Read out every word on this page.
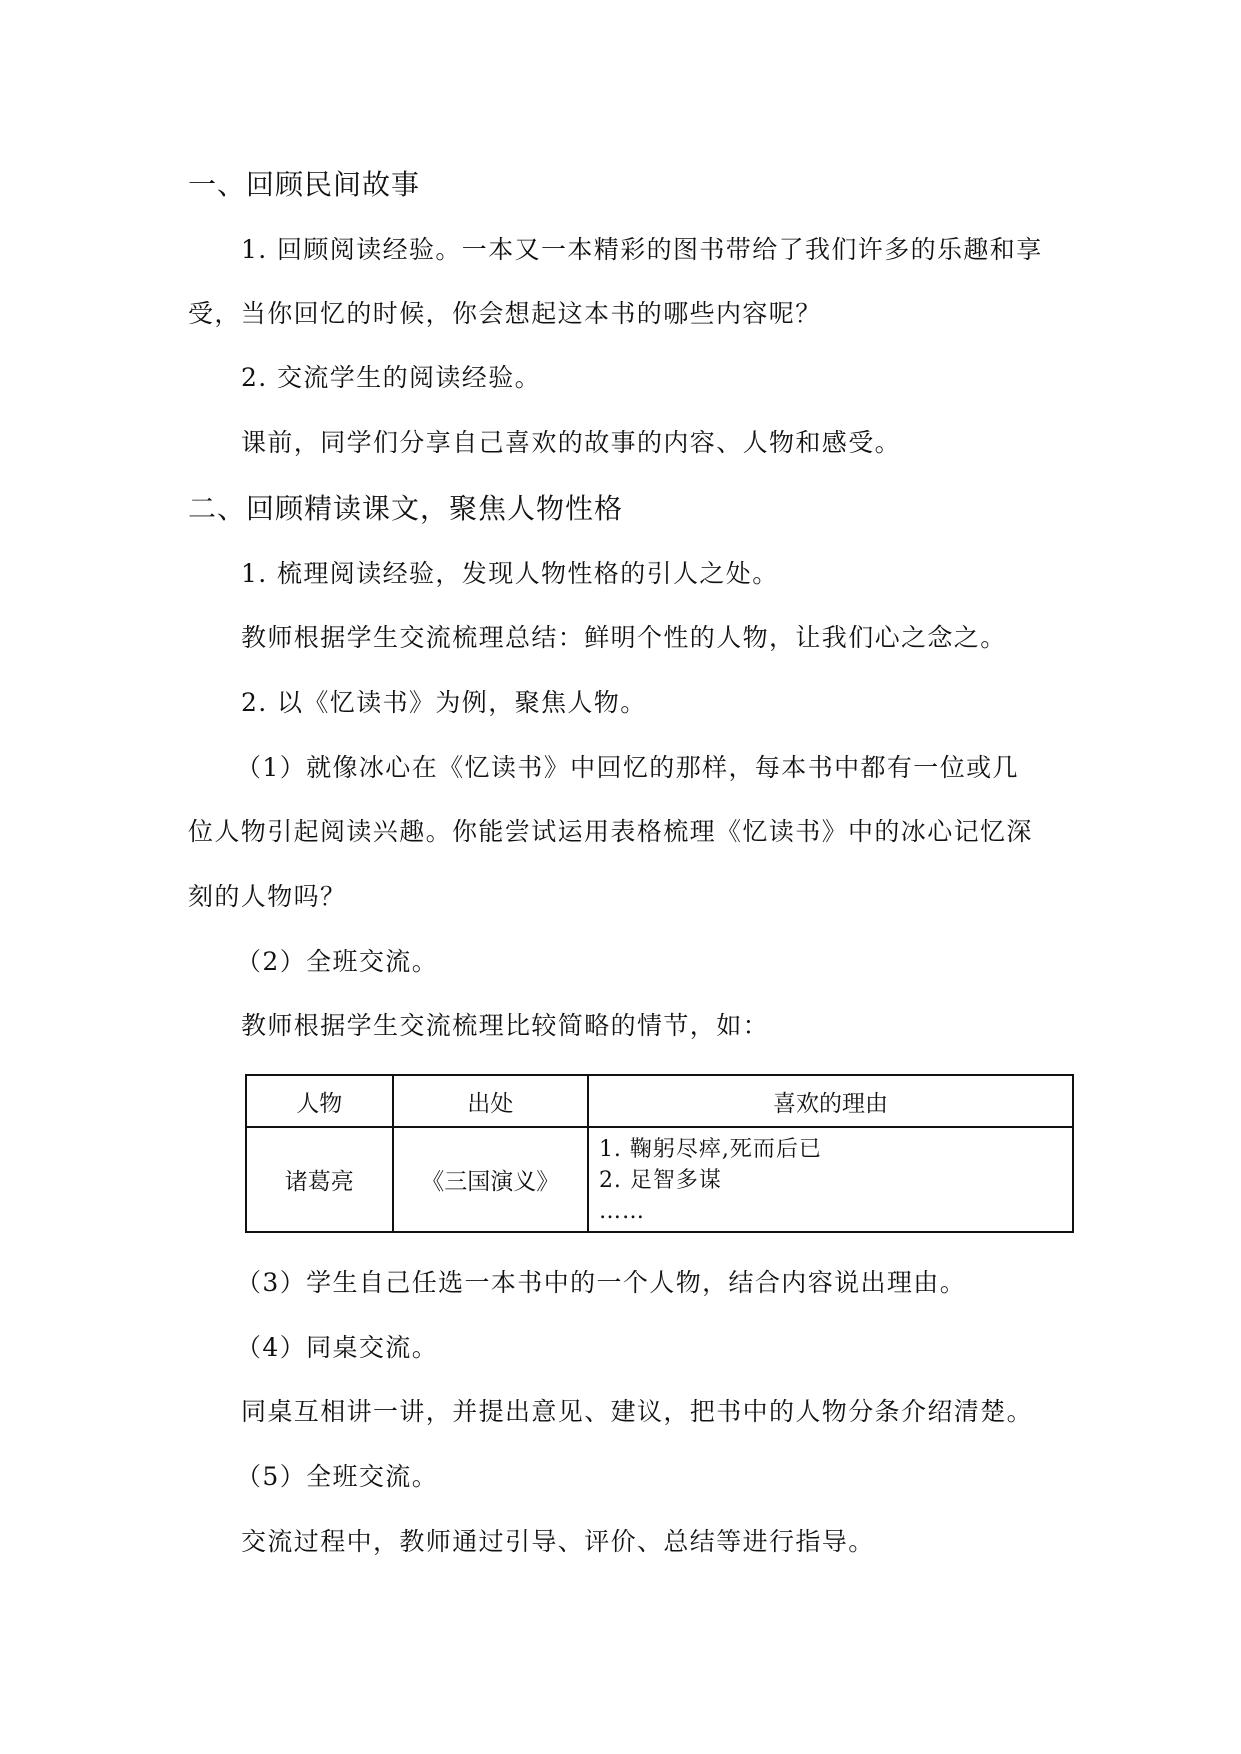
一、回顾民间故事
1. 回顾阅读经验。一本又一本精彩的图书带给了我们许多的乐趣和享
受，当你回忆的时候，你会想起这本书的哪些内容呢？
2. 交流学生的阅读经验。
课前，同学们分享自己喜欢的故事的内容、人物和感受。
二、回顾精读课文，聚焦人物性格
1. 梳理阅读经验，发现人物性格的引人之处。
教师根据学生交流梳理总结：鲜明个性的人物，让我们心之念之。
2. 以《忆读书》为例，聚焦人物。
（1）就像冰心在《忆读书》中回忆的那样，每本书中都有一位或几
位人物引起阅读兴趣。你能尝试运用表格梳理《忆读书》中的冰心记忆深
刻的人物吗？
（2）全班交流。
教师根据学生交流梳理比较简略的情节，如：
人物	出处	喜欢的理由
诸葛亮	《三国演义》	1. 鞠躬尽瘁,死而后已
2. 足智多谋
……
（3）学生自己任选一本书中的一个人物，结合内容说出理由。
（4）同桌交流。
同桌互相讲一讲，并提出意见、建议，把书中的人物分条介绍清楚。
（5）全班交流。
交流过程中，教师通过引导、评价、总结等进行指导。
